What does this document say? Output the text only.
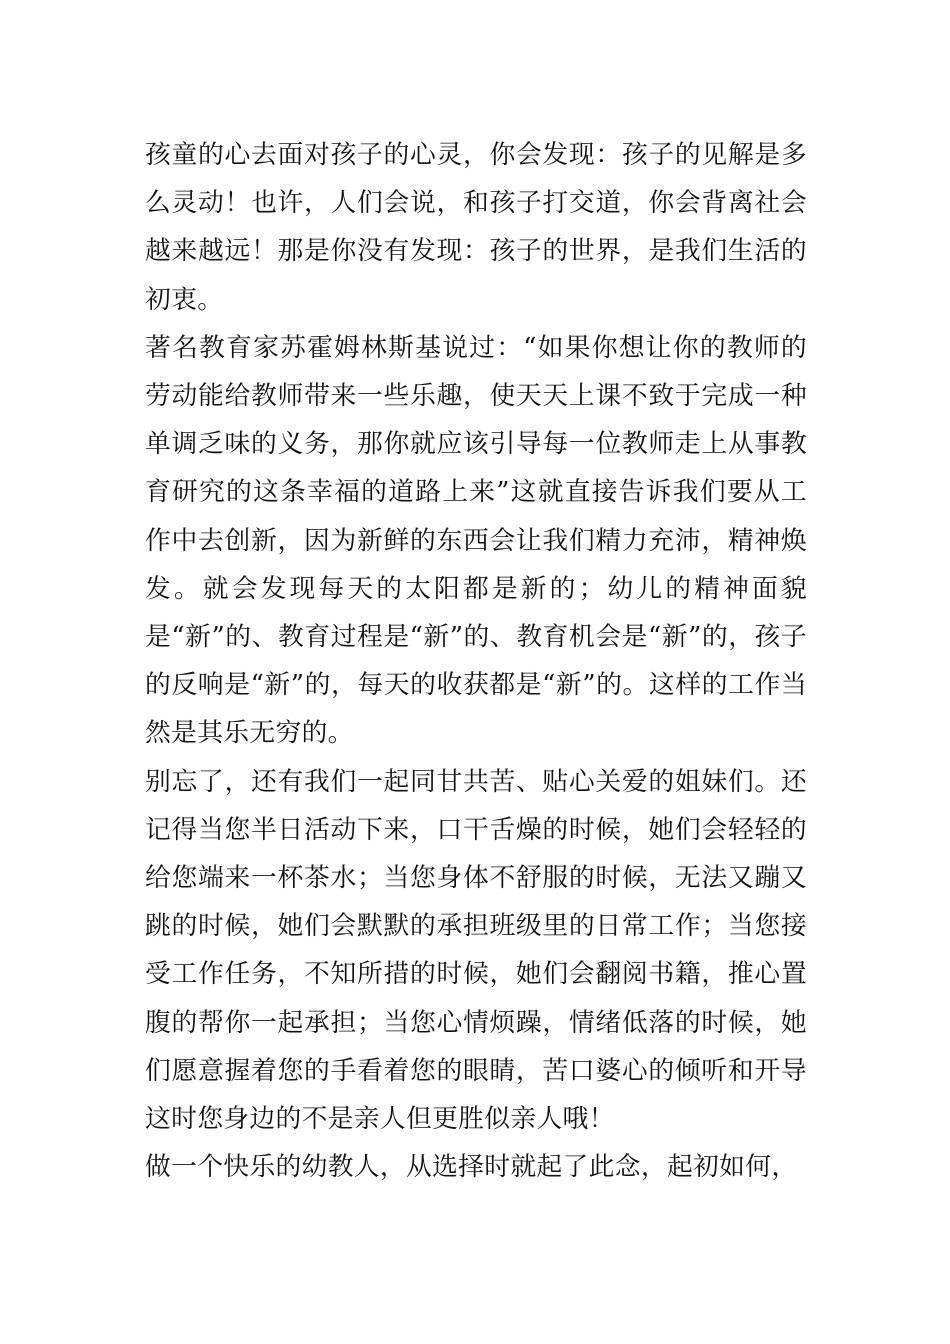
孩童的心去面对孩子的心灵，你会发现：孩子的见解是多么灵动！也许，人们会说，和孩子打交道，你会背离社会越来越远！那是你没有发现：孩子的世界，是我们生活的初衷。

著名教育家苏霍姆林斯基说过：“如果你想让你的教师的劳动能给教师带来一些乐趣，使天天上课不致于完成一种单调乏味的义务，那你就应该引导每一位教师走上从事教育研究的这条幸福的道路上来”这就直接告诉我们要从工作中去创新，因为新鲜的东西会让我们精力充沛，精神焕发。就会发现每天的太阳都是新的；幼儿的精神面貌是“新”的、教育过程是“新”的、教育机会是“新”的，孩子的反响是“新”的，每天的收获都是“新”的。这样的工作当然是其乐无穷的。

别忘了，还有我们一起同甘共苦、贴心关爱的姐妹们。还记得当您半日活动下来，口干舌燥的时候，她们会轻轻的给您端来一杯茶水；当您身体不舒服的时候，无法又蹦又跳的时候，她们会默默的承担班级里的日常工作；当您接受工作任务，不知所措的时候，她们会翻阅书籍，推心置腹的帮你一起承担；当您心情烦躁，情绪低落的时候，她们愿意握着您的手看着您的眼睛，苦口婆心的倾听和开导这时您身边的不是亲人但更胜似亲人哦！

做一个快乐的幼教人，从选择时就起了此念，起初如何，
